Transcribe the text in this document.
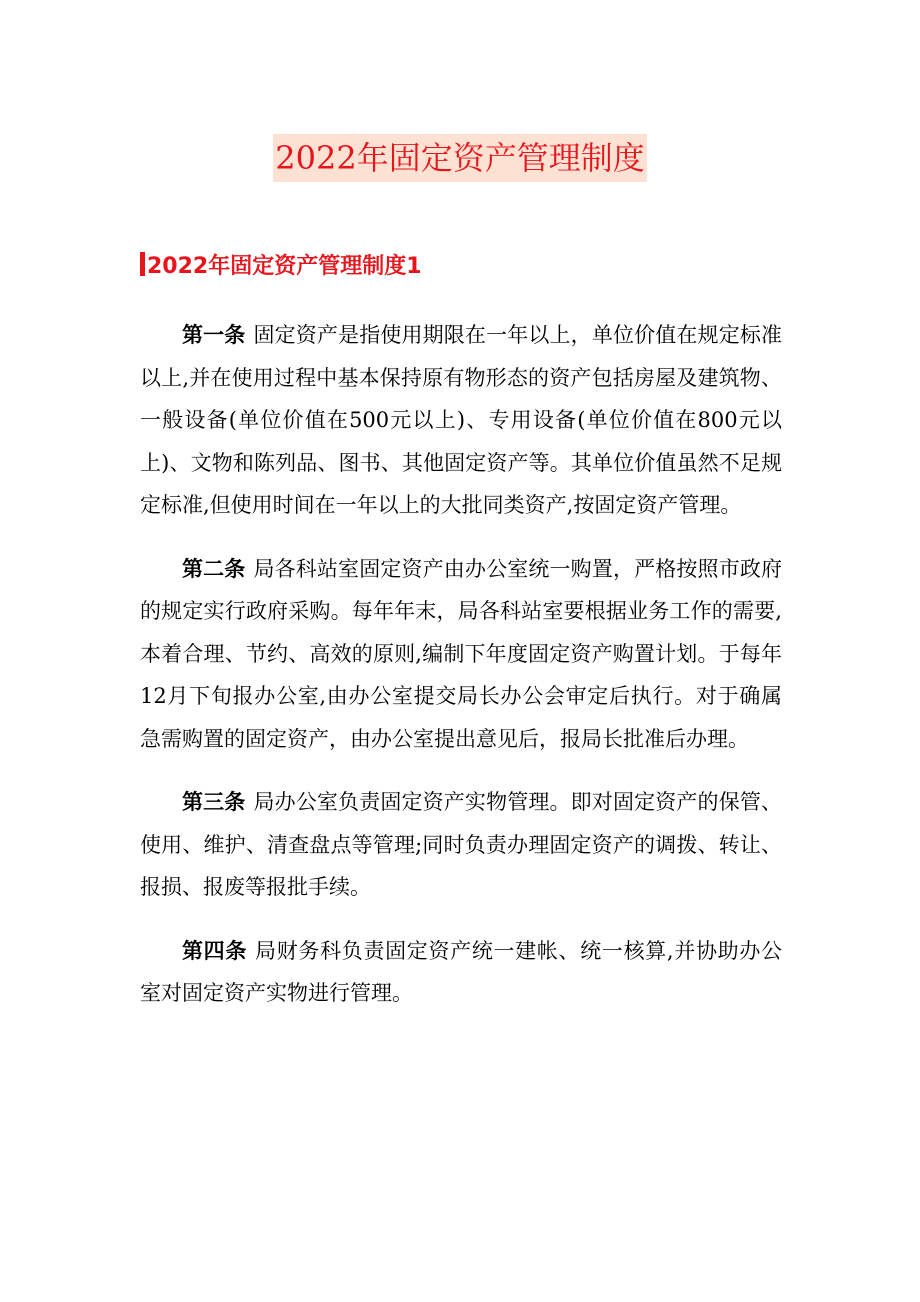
2022年固定资产管理制度
2022年固定资产管理制度1

第一条 固定资产是指使用期限在一年以上，单位价值在规定标准以上,并在使用过程中基本保持原有物形态的资产包括房屋及建筑物、一般设备(单位价值在500元以上)、专用设备(单位价值在800元以上)、文物和陈列品、图书、其他固定资产等。其单位价值虽然不足规定标准,但使用时间在一年以上的大批同类资产,按固定资产管理。

第二条 局各科站室固定资产由办公室统一购置，严格按照市政府的规定实行政府采购。每年年末，局各科站室要根据业务工作的需要,本着合理、节约、高效的原则,编制下年度固定资产购置计划。于每年12月下旬报办公室,由办公室提交局长办公会审定后执行。对于确属急需购置的固定资产，由办公室提出意见后，报局长批准后办理。

第三条 局办公室负责固定资产实物管理。即对固定资产的保管、使用、维护、清查盘点等管理;同时负责办理固定资产的调拨、转让、报损、报废等报批手续。

第四条 局财务科负责固定资产统一建帐、统一核算,并协助办公室对固定资产实物进行管理。
